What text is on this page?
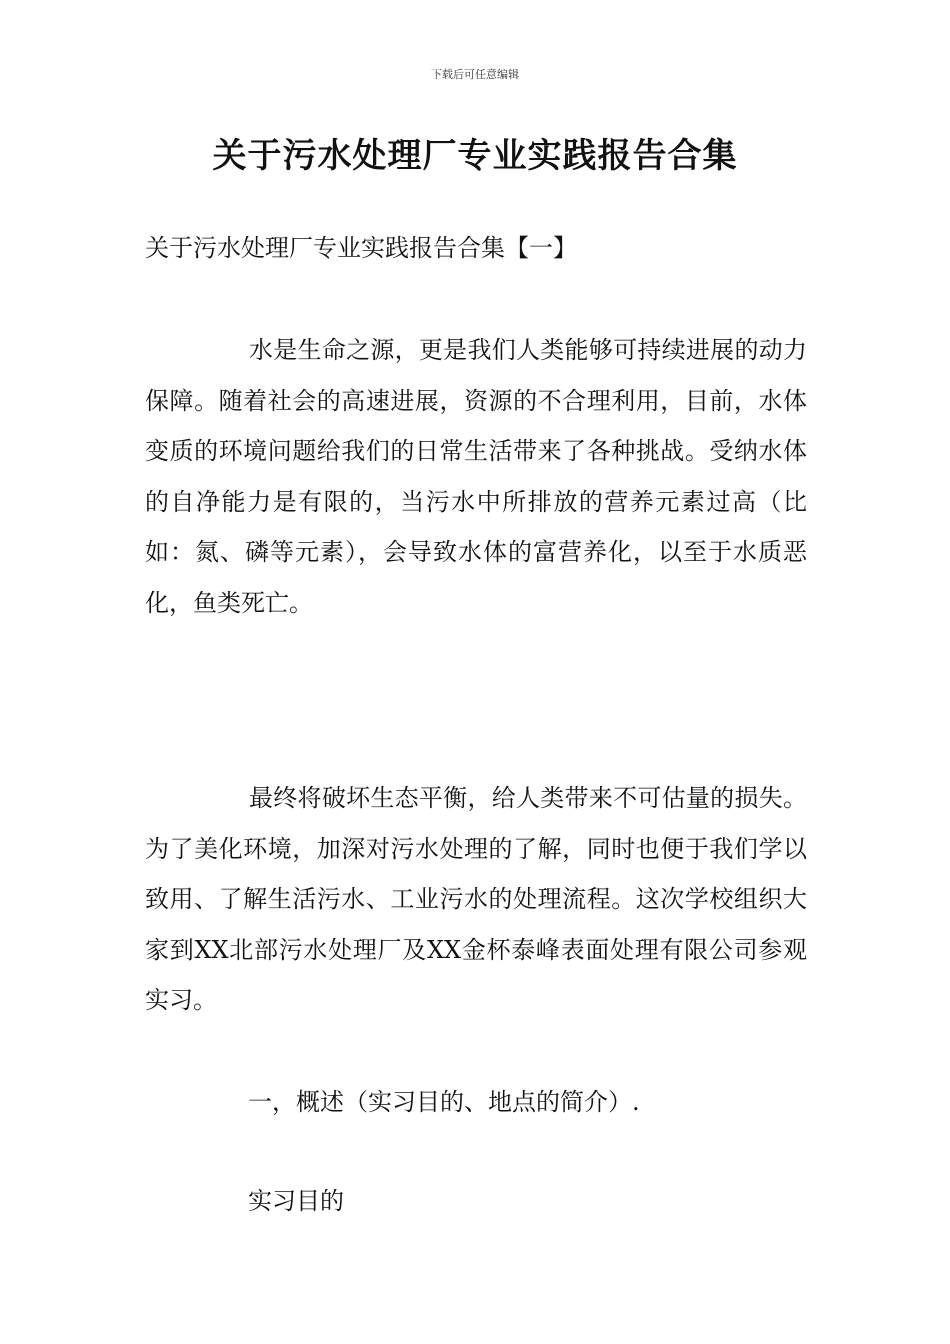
下载后可任意编辑
关于污水处理厂专业实践报告合集
关于污水处理厂专业实践报告合集【一】

水是生命之源，更是我们人类能够可持续进展的动力保障。随着社会的高速进展，资源的不合理利用，目前，水体变质的环境问题给我们的日常生活带来了各种挑战。受纳水体的自净能力是有限的，当污水中所排放的营养元素过高（比如：氮、磷等元素），会导致水体的富营养化，以至于水质恶化，鱼类死亡。

最终将破坏生态平衡，给人类带来不可估量的损失。为了美化环境，加深对污水处理的了解，同时也便于我们学以致用、了解生活污水、工业污水的处理流程。这次学校组织大家到XX北部污水处理厂及XX金杯泰峰表面处理有限公司参观实习。

一，概述（实习目的、地点的简介）.

实习目的
